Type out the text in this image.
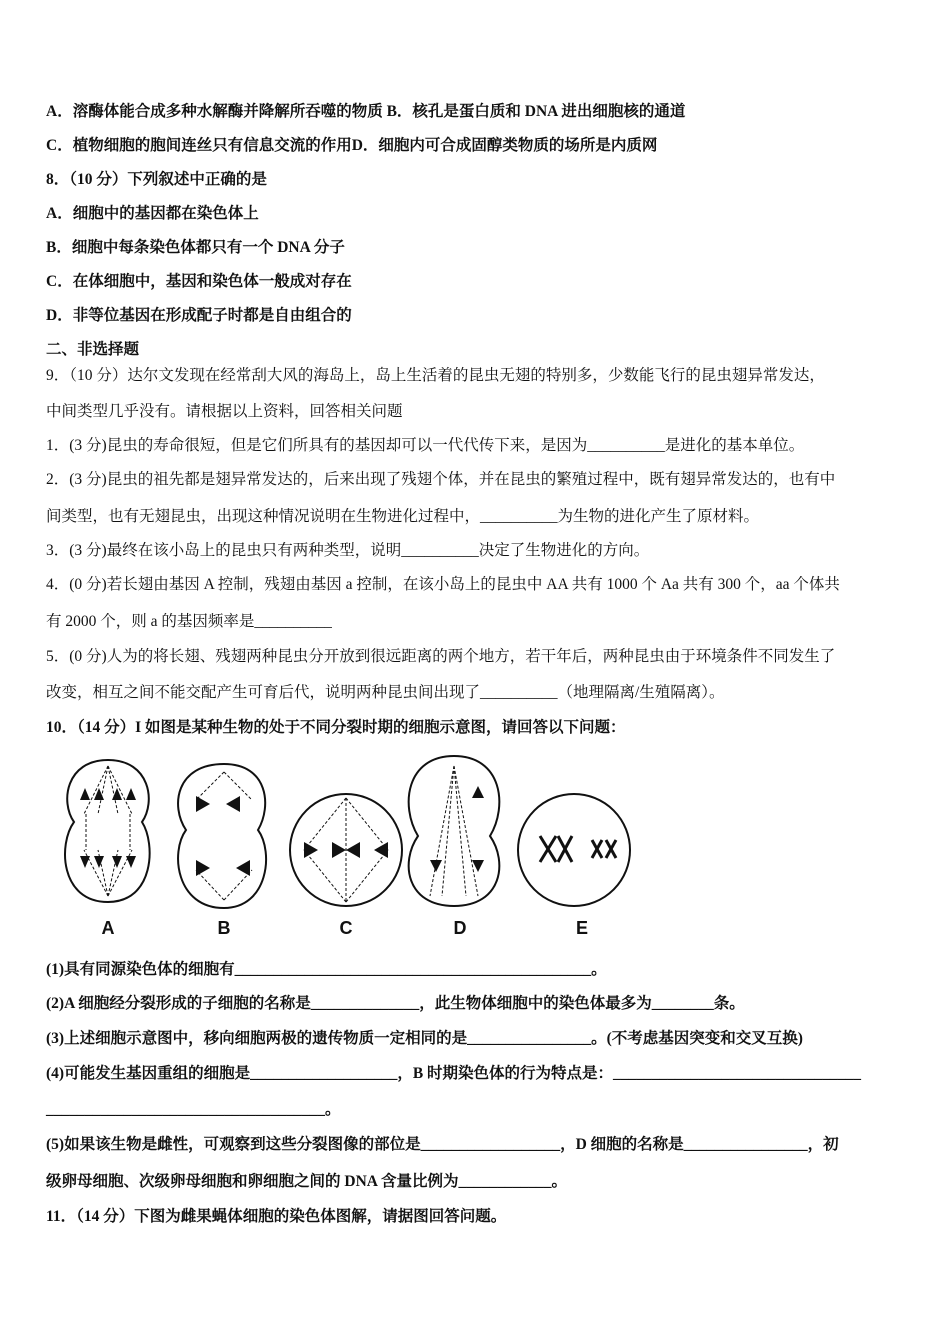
A．溶酶体能合成多种水解酶并降解所吞噬的物质 B．核孔是蛋白质和 DNA 进出细胞核的通道
C．植物细胞的胞间连丝只有信息交流的作用D．细胞内可合成固醇类物质的场所是内质网
8．（10 分）下列叙述中正确的是
A．细胞中的基因都在染色体上
B．细胞中每条染色体都只有一个 DNA 分子
C．在体细胞中，基因和染色体一般成对存在
D．非等位基因在形成配子时都是自由组合的
二、非选择题
9．（10 分）达尔文发现在经常刮大风的海岛上，岛上生活着的昆虫无翅的特别多，少数能飞行的昆虫翅异常发达，
中间类型几乎没有。请根据以上资料，回答相关问题
1．(3 分)昆虫的寿命很短，但是它们所具有的基因却可以一代代传下来，是因为__________是进化的基本单位。
2．(3 分)昆虫的祖先都是翅异常发达的，后来出现了残翅个体，并在昆虫的繁殖过程中，既有翅异常发达的，也有中
间类型，也有无翅昆虫，出现这种情况说明在生物进化过程中，__________为生物的进化产生了原材料。
3．(3 分)最终在该小岛上的昆虫只有两种类型，说明__________决定了生物进化的方向。
4．(0 分)若长翅由基因 A 控制，残翅由基因 a 控制，在该小岛上的昆虫中 AA 共有 1000 个 Aa 共有 300 个，aa 个体共
有 2000 个，则 a 的基因频率是__________
5．(0 分)人为的将长翅、残翅两种昆虫分开放到很远距离的两个地方，若干年后，两种昆虫由于环境条件不同发生了
改变，相互之间不能交配产生可育后代，说明两种昆虫间出现了__________（地理隔离/生殖隔离）。
10．（14 分）I 如图是某种生物的处于不同分裂时期的细胞示意图，请回答以下问题：
A	B	C	D	E
(1)具有同源染色体的细胞有______________________________________________。
(2)A 细胞经分裂形成的子细胞的名称是______________，此生物体细胞中的染色体最多为________条。
(3)上述细胞示意图中，移向细胞两极的遗传物质一定相同的是________________。(不考虑基因突变和交叉互换)
(4)可能发生基因重组的细胞是___________________，B 时期染色体的行为特点是：________________________________
____________________________________。
(5)如果该生物是雌性，可观察到这些分裂图像的部位是__________________，D 细胞的名称是________________，初
级卵母细胞、次级卵母细胞和卵细胞之间的 DNA 含量比例为____________。
11．（14 分）下图为雌果蝇体细胞的染色体图解，请据图回答问题。
